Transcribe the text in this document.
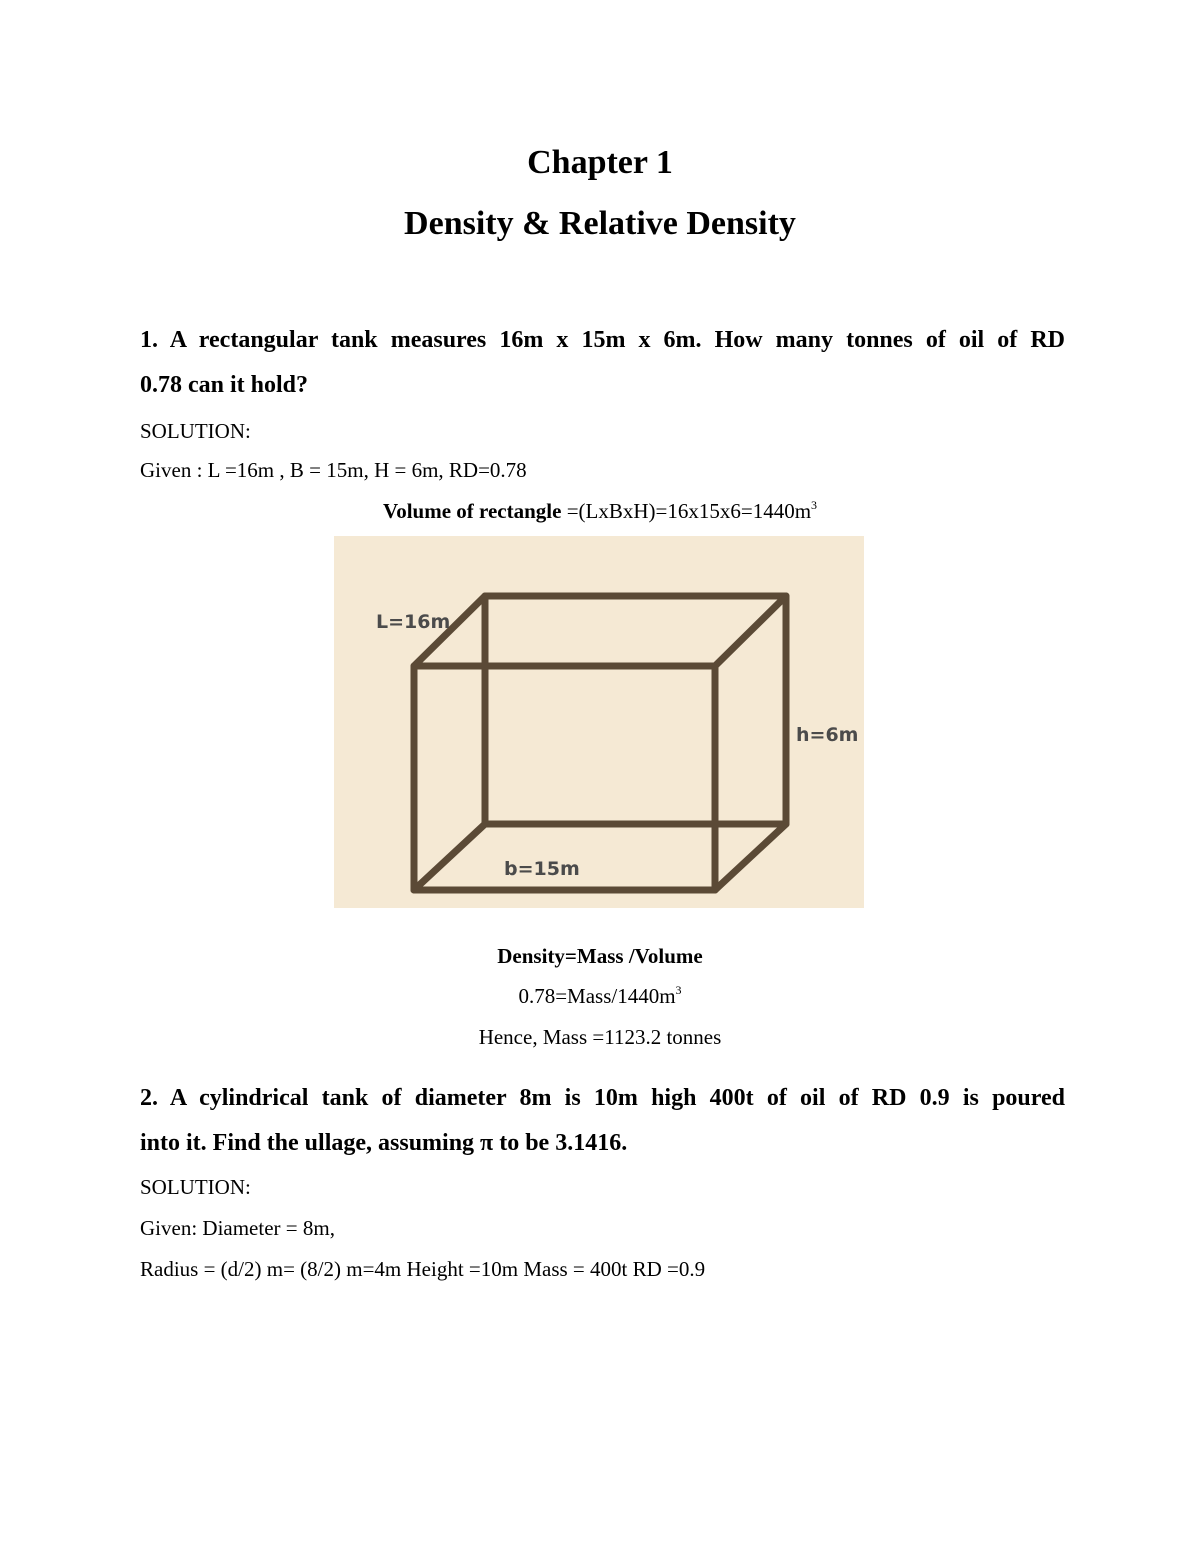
Chapter 1
Density & Relative Density
1. A rectangular tank measures 16m x 15m x 6m. How many tonnes of oil of RD
0.78 can it hold?
SOLUTION:
Given : L =16m , B = 15m, H = 6m, RD=0.78
Volume of rectangle $=(LxBxH)=16x15x6=1440m^3$
L=16m
h=6m
b=15m
Density=Mass /Volume
$0.78=Mass/1440m^3$
Hence, Mass =1123.2 tonnes
2. A cylindrical tank of diameter 8m is 10m high 400t of oil of RD 0.9 is poured
into it. Find the ullage, assuming π to be 3.1416.
SOLUTION:
Given: Diameter = 8m,
Radius = (d/2) m= (8/2) m=4m Height =10m Mass = 400t RD =0.9
